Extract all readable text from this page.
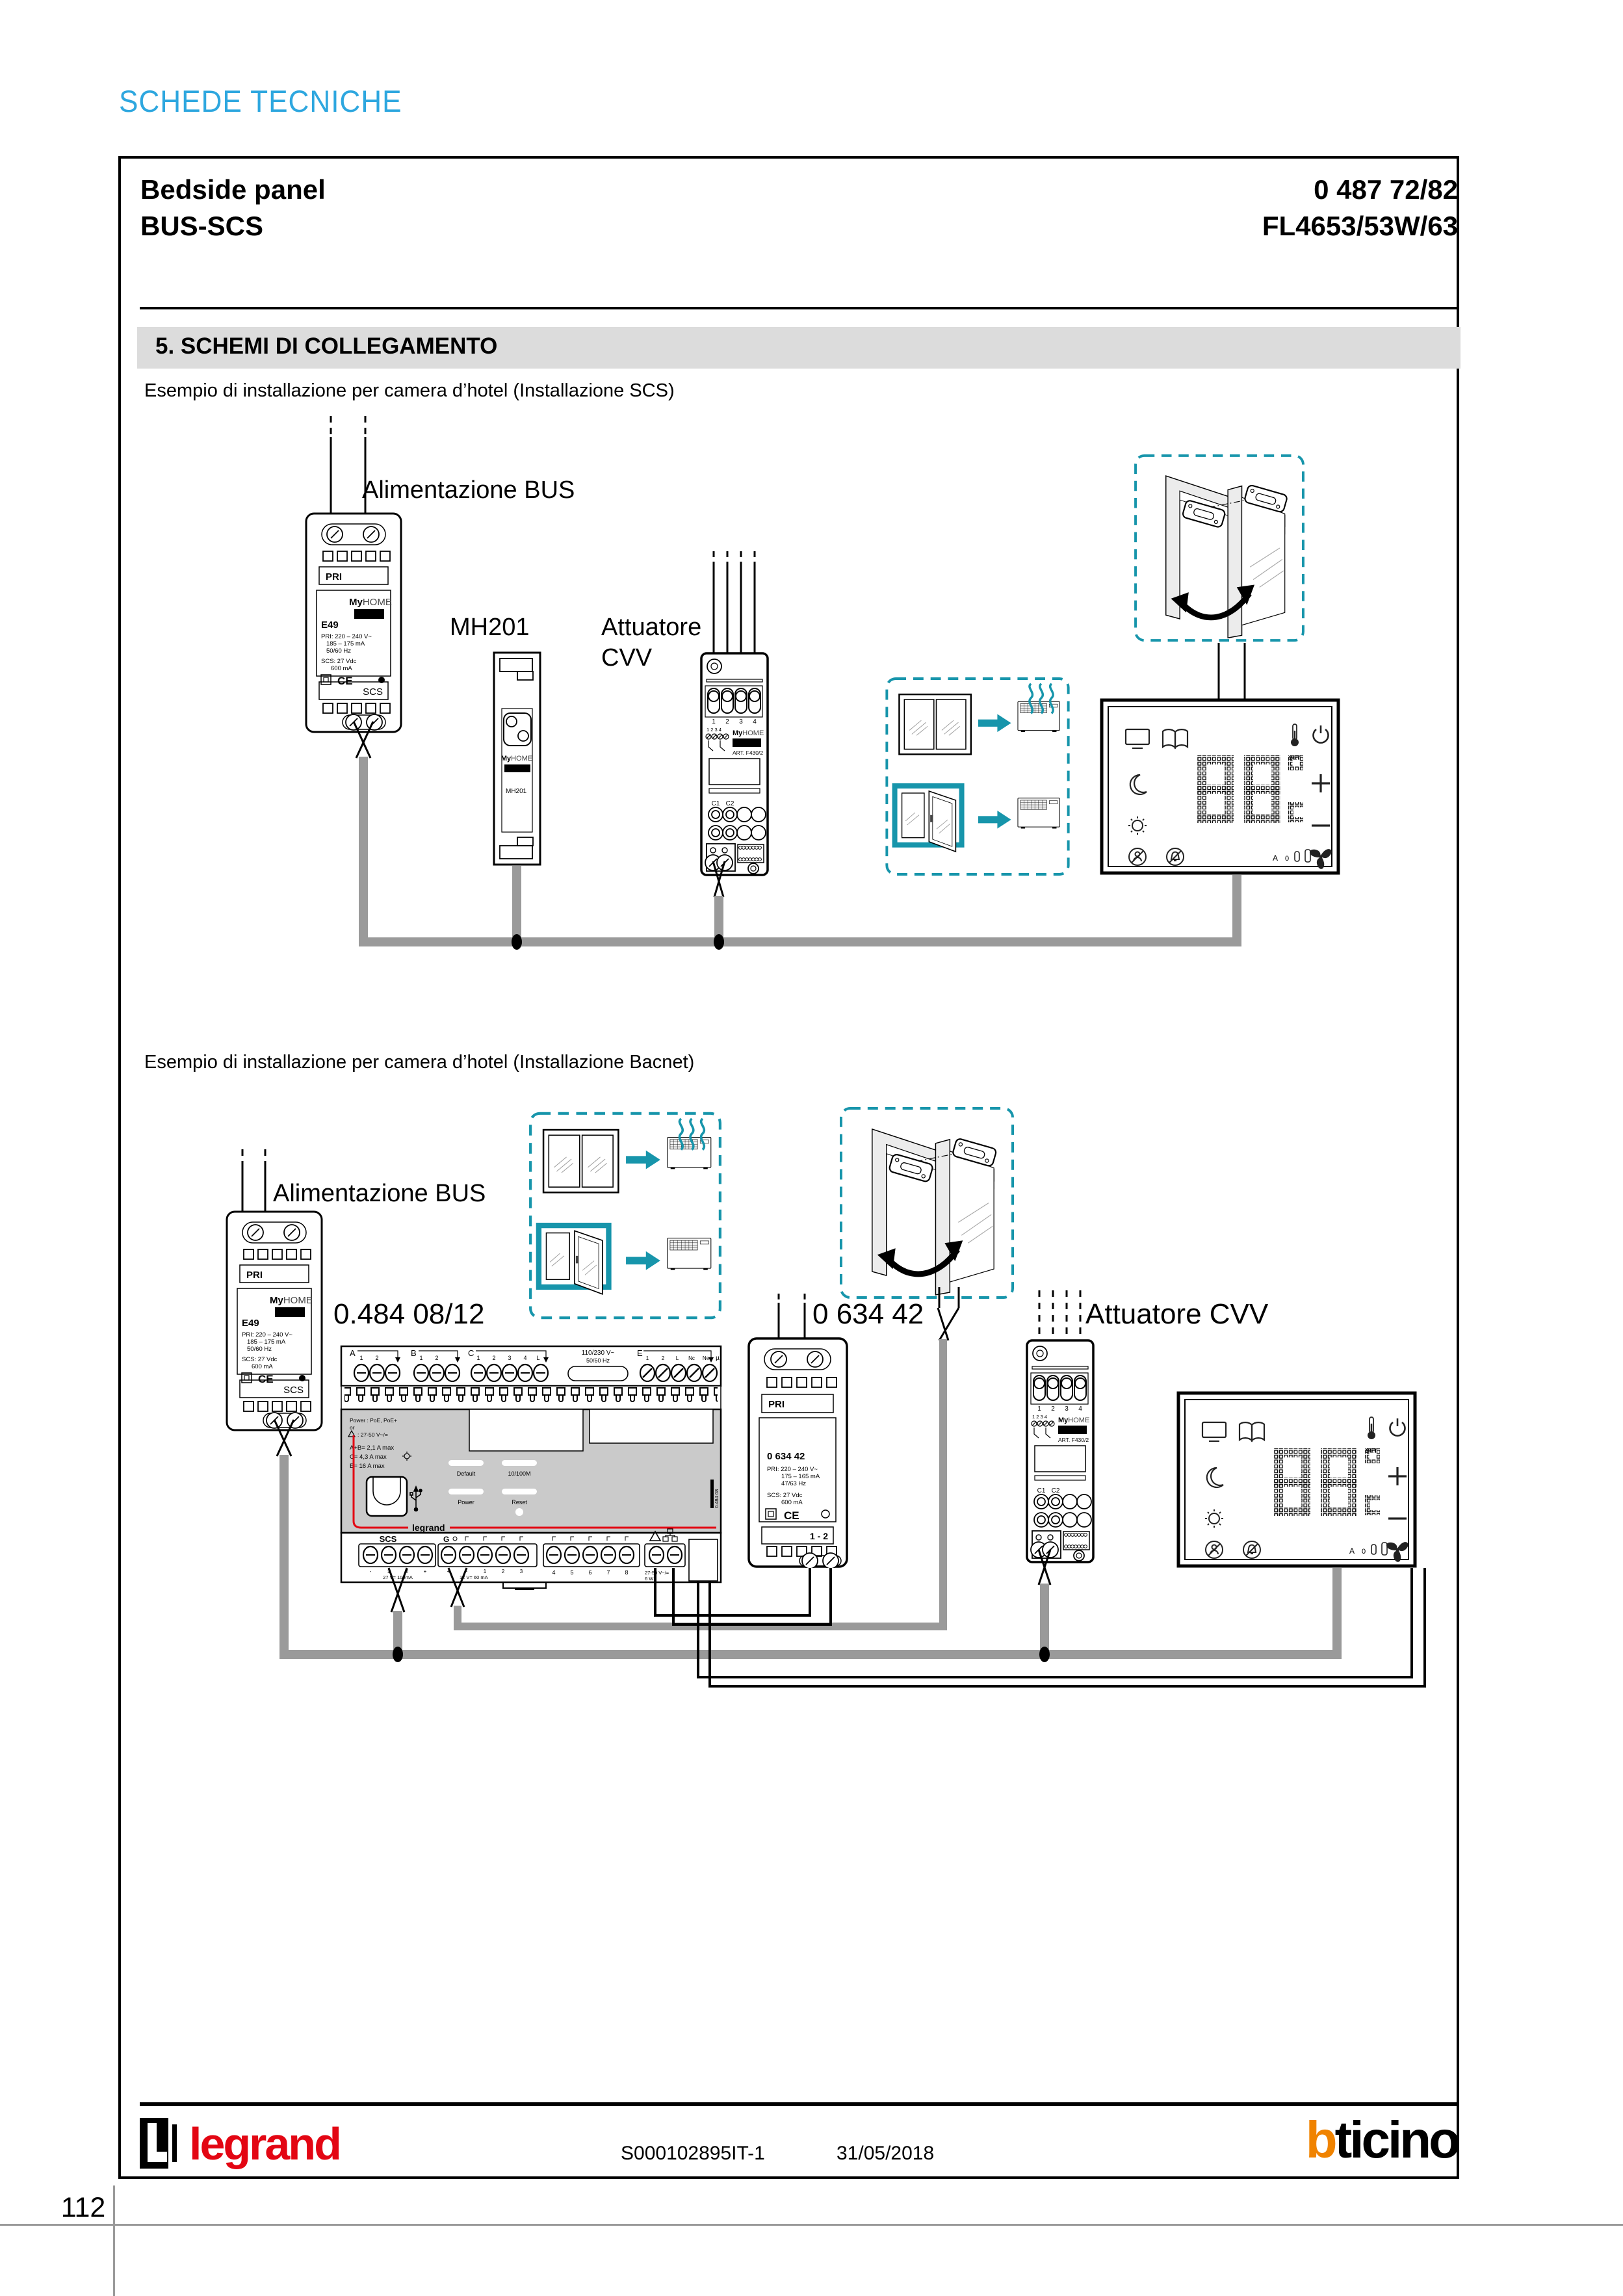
SCHEDE TECNICHE
Bedside panel
BUS-SCS
0 487 72/82
FL4653/53W/63
5. SCHEMI DI COLLEGAMENTO
Esempio di installazione per camera d’hotel (Installazione SCS)
Esempio di installazione per camera d’hotel (Installazione Bacnet)
Alimentazione BUS
MH201	Attuatore
CVV
Alimentazione BUS
0.484 08/12	0 634 42	Attuatore CVV
legrand	S000102895IT-1	31/05/2018	bticino
112
